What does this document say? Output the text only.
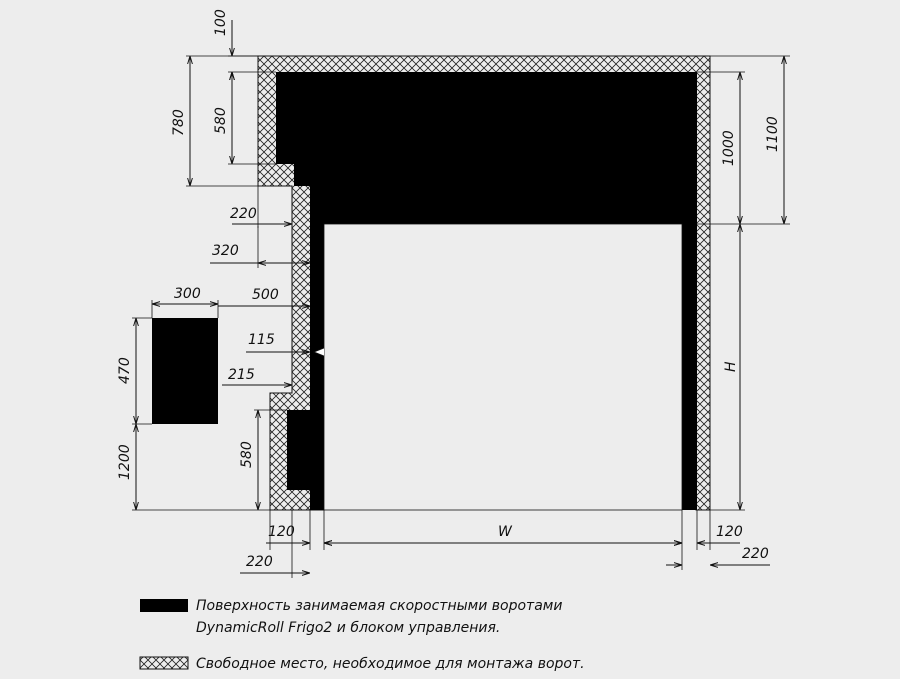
100
780 580
220
320
500
300
115
215
470
1200	580
1000 1100
H
120	W	120
220	220
Поверхность занимаемая скоростными воротами
DynamicRoll Frigo2 и блоком управления.
Свободное место, необходимое для монтажа ворот.
